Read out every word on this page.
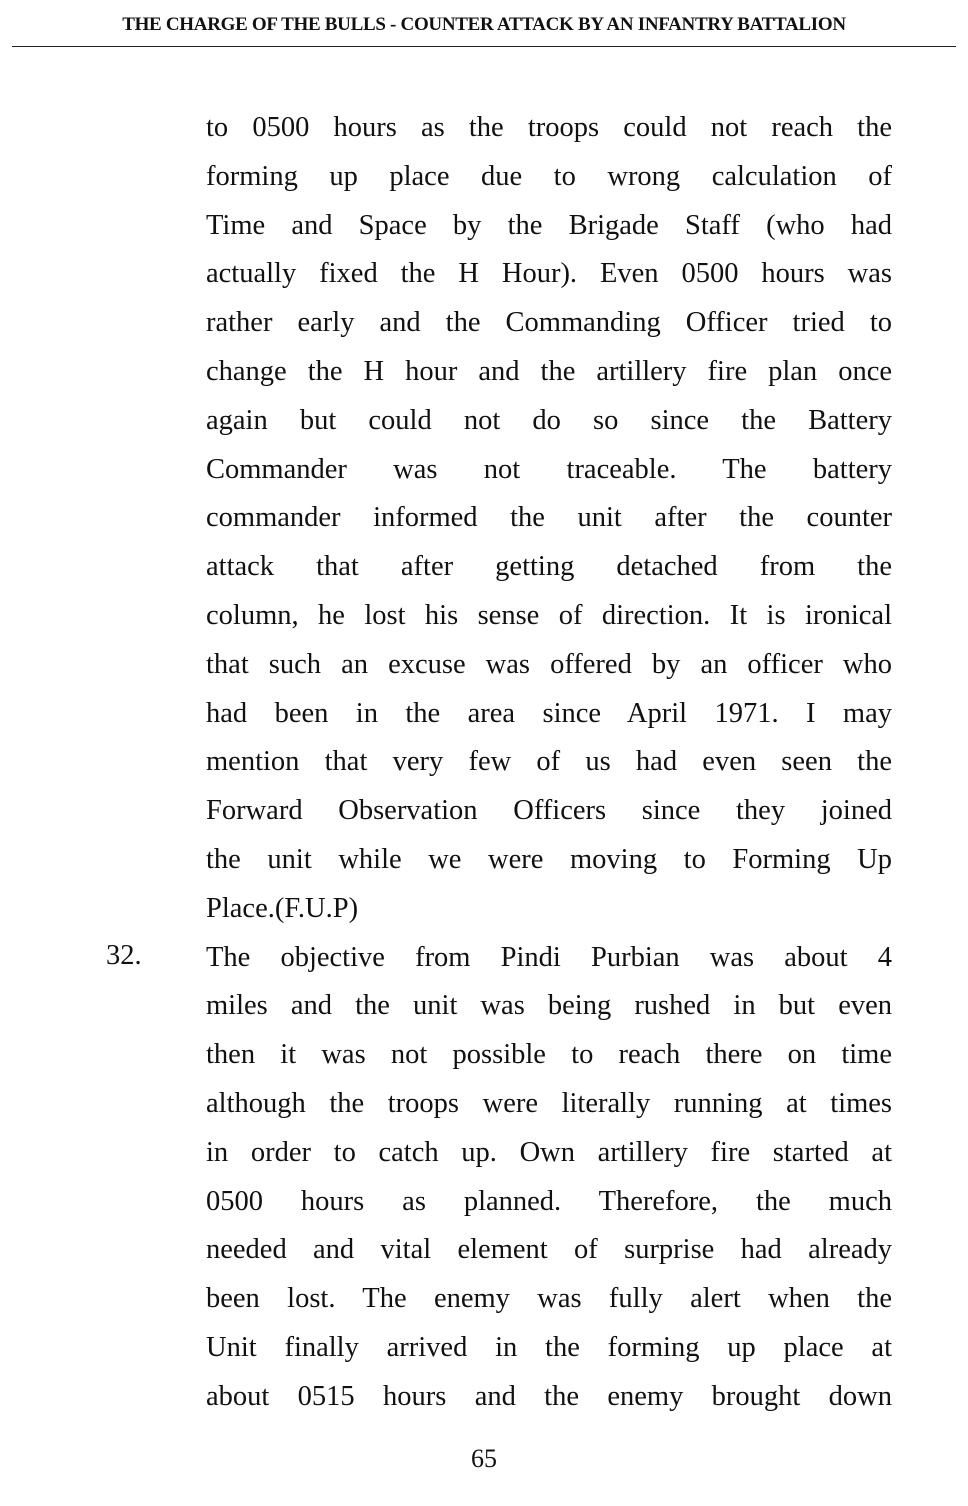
THE CHARGE OF THE BULLS - COUNTER ATTACK BY AN INFANTRY BATTALION
to 0500 hours as the troops could not reach the
forming up place due to wrong calculation of
Time and Space by the Brigade Staff (who had
actually fixed the H Hour). Even 0500 hours was
rather early and the Commanding Officer tried to
change the H hour and the artillery fire plan once
again but could not do so since the Battery
Commander was not traceable. The battery
commander informed the unit after the counter
attack that after getting detached from the
column, he lost his sense of direction. It is ironical
that such an excuse was offered by an officer who
had been in the area since April 1971. I may
mention that very few of us had even seen the
Forward Observation Officers since they joined
the unit while we were moving to Forming Up
Place.(F.U.P)
The objective from Pindi Purbian was about 4
miles and the unit was being rushed in but even
then it was not possible to reach there on time
although the troops were literally running at times
in order to catch up. Own artillery fire started at
0500 hours as planned. Therefore, the much
needed and vital element of surprise had already
been lost. The enemy was fully alert when the
Unit finally arrived in the forming up place at
about 0515 hours and the enemy brought down
32.
65
